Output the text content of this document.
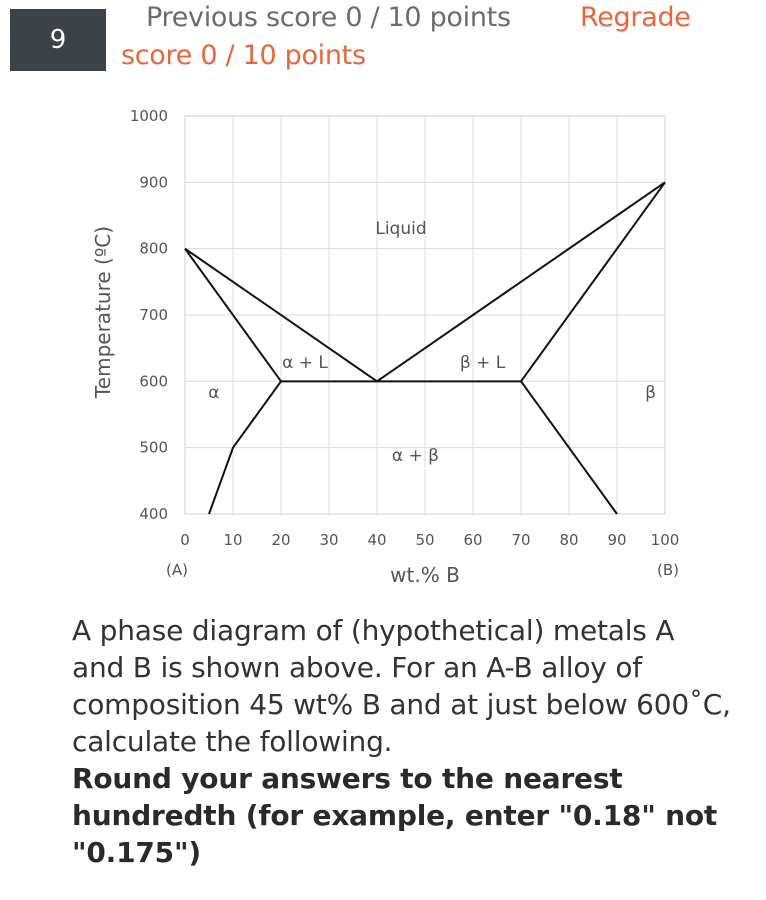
9
Previous score 0 / 10 points	Regrade
score 0 / 10 points
1000
900
800
700
600
500
400
0 10 20 30 40 50 60 70 80 90 100
Liquid
α + L	β + L
α	β
α + β
(A)	(B)
wt.% B
Temperature (ºC)
A phase diagram of (hypothetical) metals A and B is shown above. For an A-B alloy of composition 45 wt% B and at just below 600˚C, calculate the following.
Round your answers to the nearest hundredth (for example, enter "0.18" not "0.175")
